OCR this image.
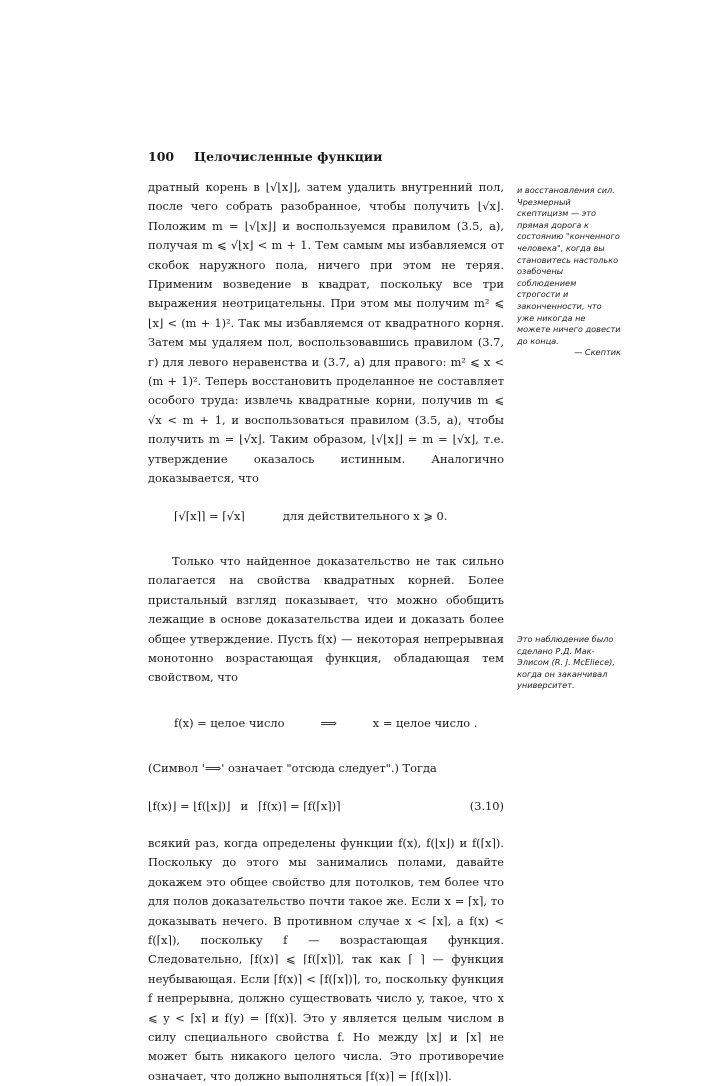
100 Целочисленные функции

дратный корень в ⌊√⌊x⌋⌋, затем удалить внутренний пол, после чего собрать разобранное, чтобы получить ⌊√x⌋. Положим m = ⌊√⌊x⌋⌋ и воспользуемся правилом (3.5, a), получая m ⩽ √⌊x⌋ < m + 1. Тем самым мы избавляемся от скобок наружного пола, ничего при этом не теряя. Применим возведение в квадрат, поскольку все три выражения неотрицательны. При этом мы получим m² ⩽ ⌊x⌋ < (m + 1)². Так мы избавляемся от квадратного корня. Затем мы удаляем пол, воспользовавшись правилом (3.7, г) для левого неравенства и (3.7, a) для правого: m² ⩽ x < (m + 1)². Теперь восстановить проделанное не составляет особого труда: извлечь квадратные корни, получив m ⩽ √x < m + 1, и воспользоваться правилом (3.5, a), чтобы получить m = ⌊√x⌋. Таким образом, ⌊√⌊x⌋⌋ = m = ⌊√x⌋, т.е. утверждение оказалось истинным. Аналогично доказывается, что

⌈√⌈x⌉⌉ = ⌈√x⌉	для действительного x ⩾ 0.

Только что найденное доказательство не так сильно полагается на свойства квадратных корней. Более пристальный взгляд показывает, что можно обобщить лежащие в основе доказательства идеи и доказать более общее утверждение. Пусть f(x) — некоторая непрерывная монотонно возрастающая функция, обладающая тем свойством, что

f(x) = целое число	⟹	x = целое число .

(Символ '⟹' означает "отсюда следует".) Тогда

⌊f(x)⌋ = ⌊f(⌊x⌋)⌋ и ⌈f(x)⌉ = ⌈f(⌈x⌉)⌉	(3.10)

всякий раз, когда определены функции f(x), f(⌊x⌋) и f(⌈x⌉). Поскольку до этого мы занимались полами, давайте докажем это общее свойство для потолков, тем более что для полов доказательство почти такое же. Если x = ⌈x⌉, то доказывать нечего. В противном случае x < ⌈x⌉, а f(x) < f(⌈x⌉), поскольку f — возрастающая функция. Следовательно, ⌈f(x)⌉ ⩽ ⌈f(⌈x⌉)⌉, так как ⌈ ⌉ — функция неубывающая. Если ⌈f(x)⌉ < ⌈f(⌈x⌉)⌉, то, поскольку функция f непрерывна, должно существовать число y, такое, что x ⩽ y < ⌈x⌉ и f(y) = ⌈f(x)⌉. Это y является целым числом в силу специального свойства f. Но между ⌊x⌋ и ⌈x⌉ не может быть никакого целого числа. Это противоречие означает, что должно выполняться ⌈f(x)⌉ = ⌈f(⌈x⌉)⌉.

и восстановления сил. Чрезмерный скептицизм — это прямая дорога к состоянию "конченного человека", когда вы становитесь настолько озабочены соблюдением строгости и законченности, что уже никогда не можете ничего довести до конца.
— Скептик
Это наблюдение было сделано Р.Д. Мак-Элиcом (R. J. McEliece), когда он заканчивал университет.
